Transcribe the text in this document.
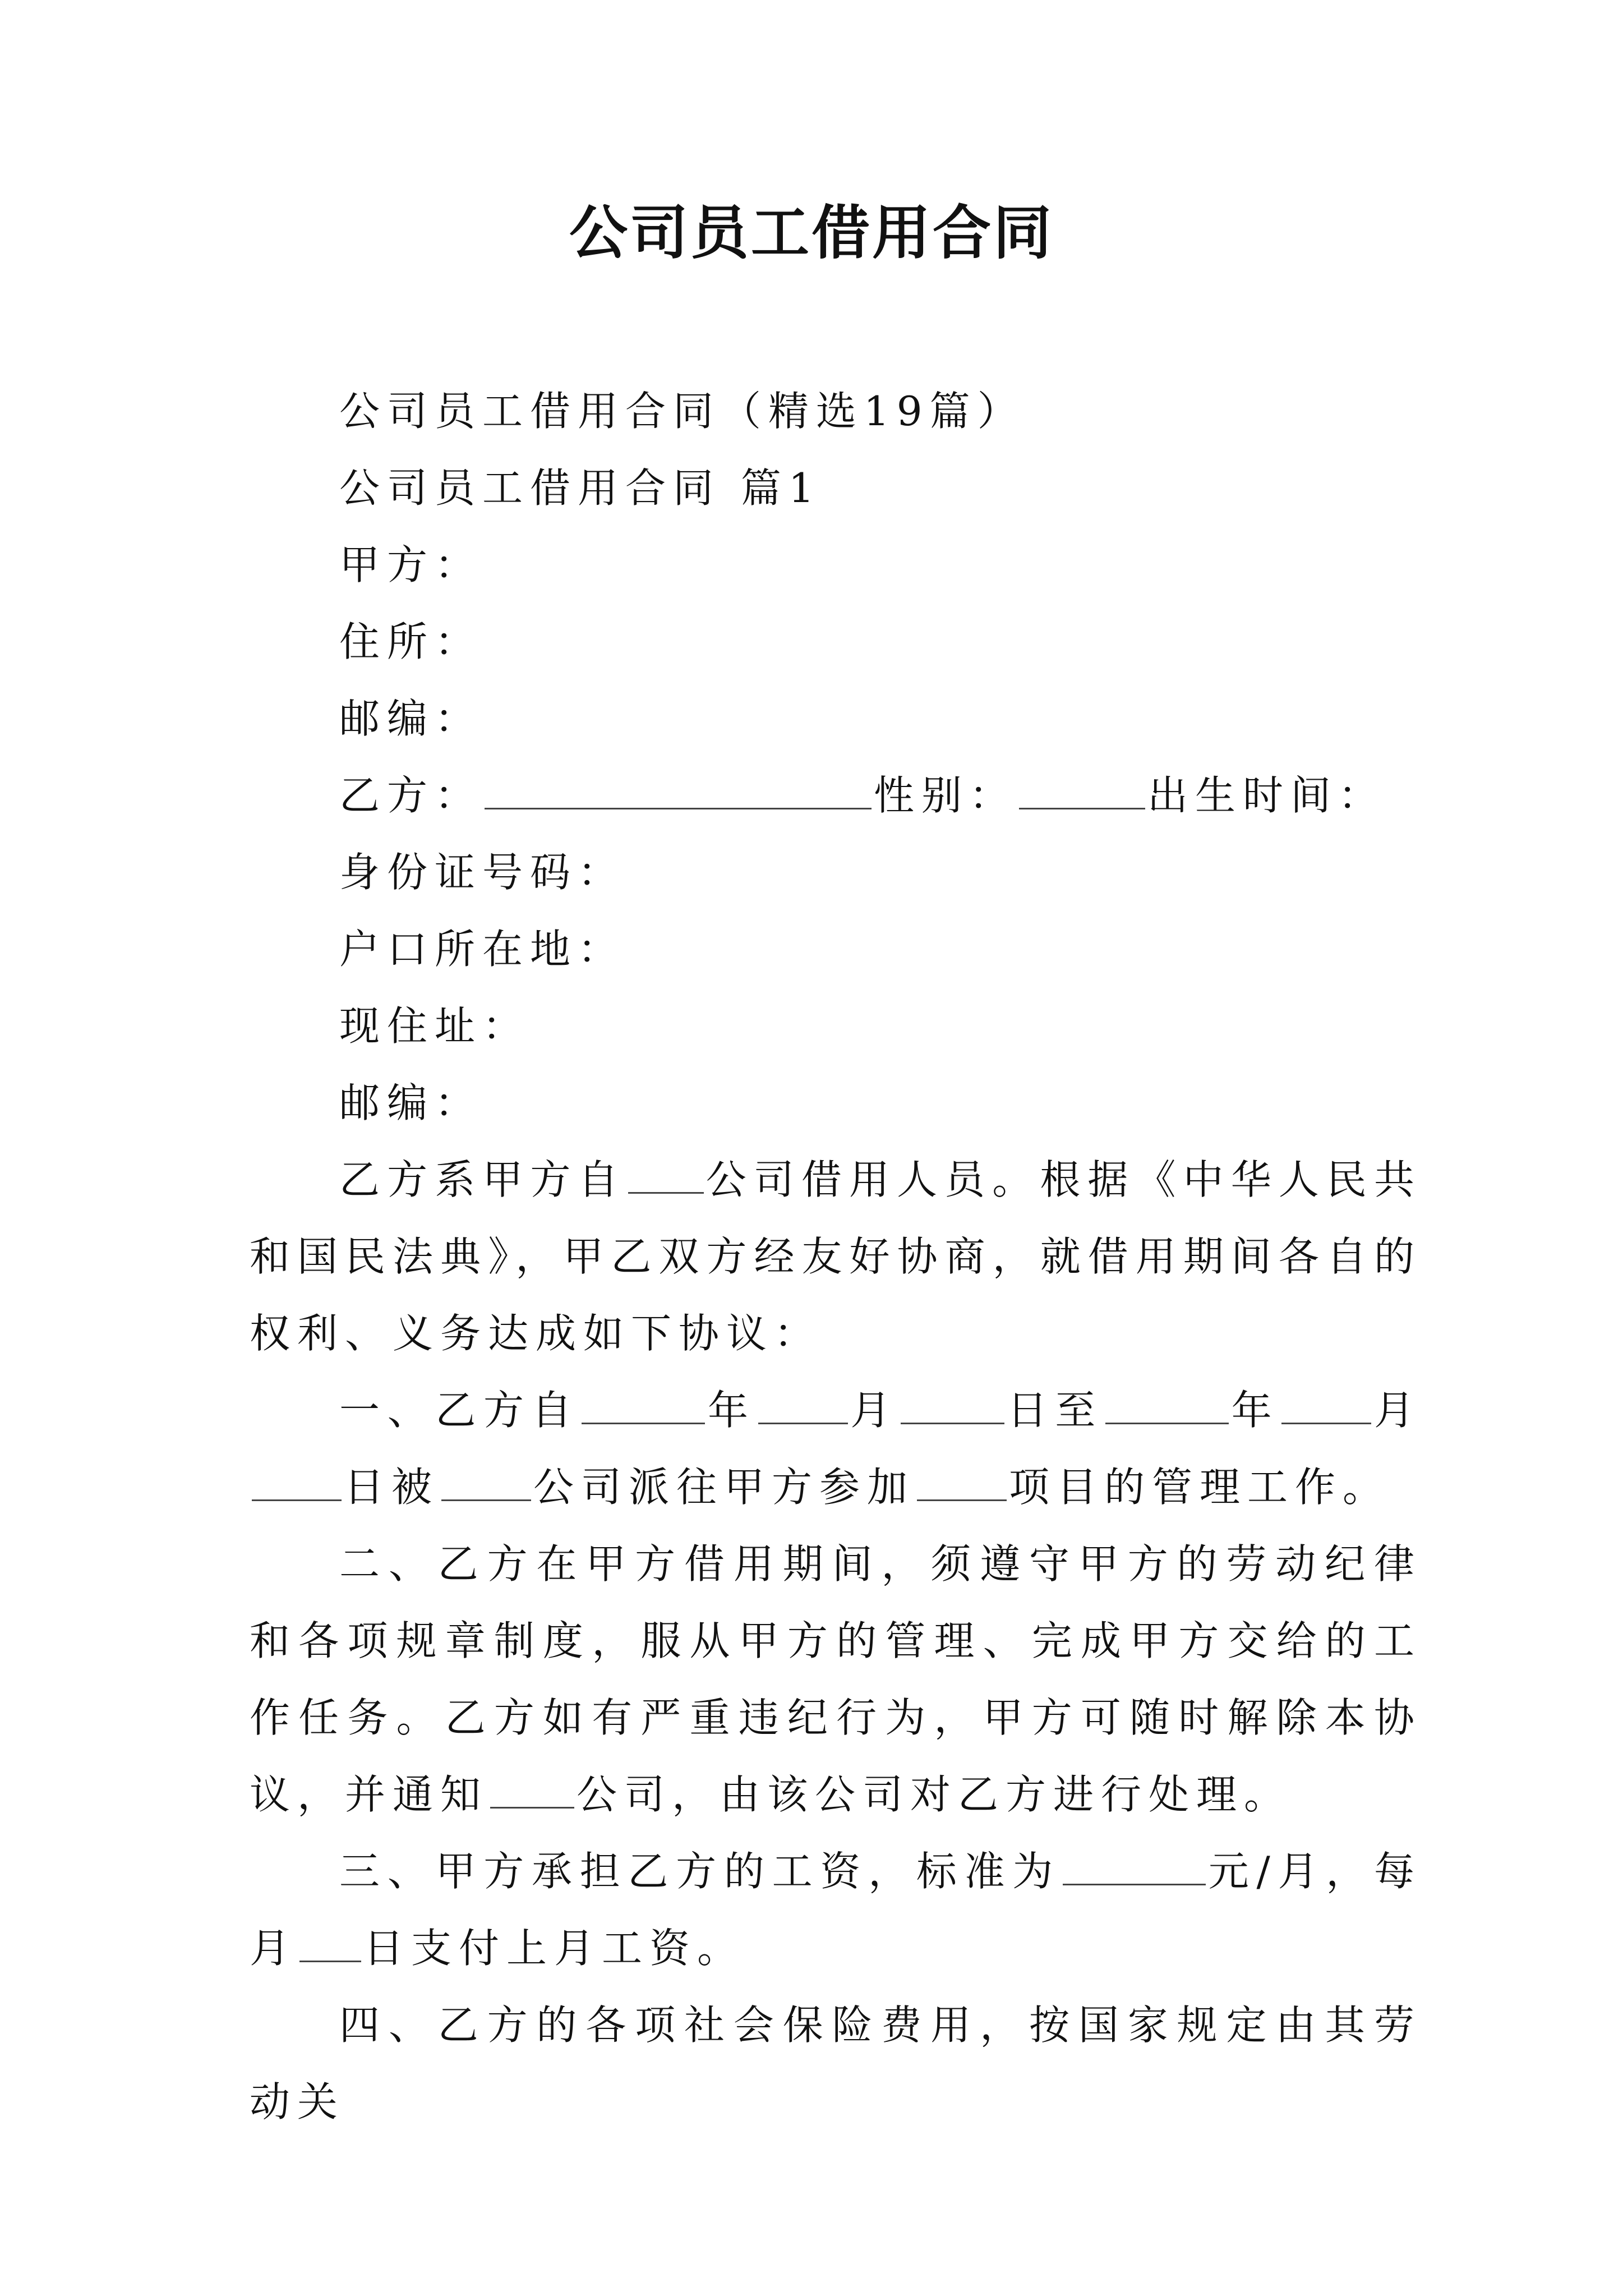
公司员工借用合同
公司员工借用合同（精选19篇）
公司员工借用合同 篇1
甲方：
住所：
邮编：
乙方：	性别：	出生时间：
身份证号码：
户口所在地：
现住址：
邮编：

乙方系甲方自 公司借用人员。根据《中华人民共和国民法典》，甲乙双方经友好协商，就借用期间各自的权利、义务达成如下协议：

一、乙方自	年 月	日至	年 月日被 公司派往甲方参加 项目的管理工作。

二、乙方在甲方借用期间，须遵守甲方的劳动纪律和各项规章制度，服从甲方的管理、完成甲方交给的工作任务。乙方如有严重违纪行为，甲方可随时解除本协议，并通知 公司，由该公司对乙方进行处理。

三、甲方承担乙方的工资，标准为	元/月，每月 日支付上月工资。

四、乙方的各项社会保险费用，按国家规定由其劳动关
